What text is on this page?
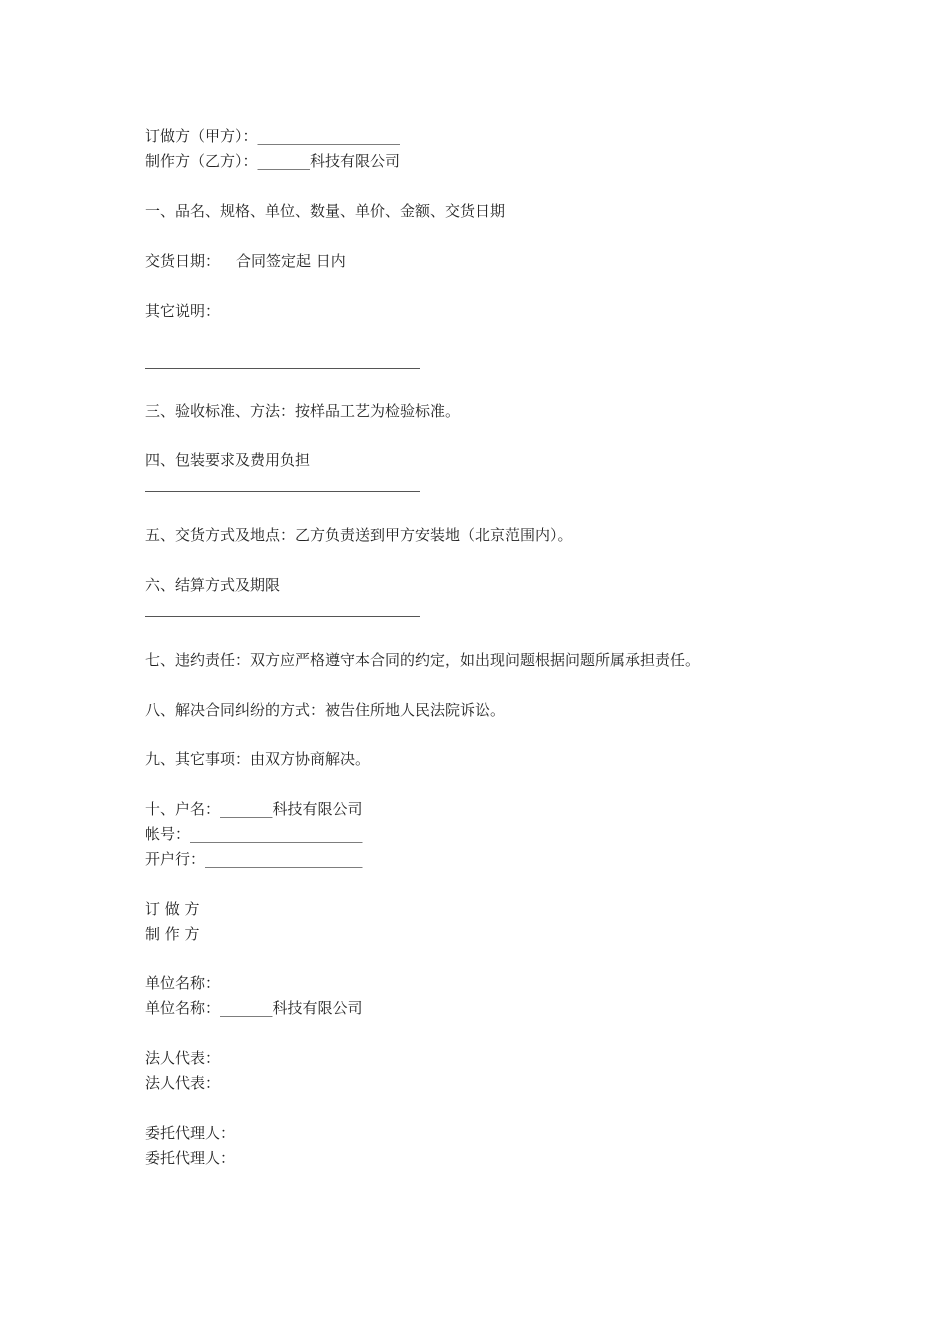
订做方（甲方）：___________________
制作方（乙方）：_______科技有限公司
一、品名、规格、单位、数量、单价、金额、交货日期
交货日期： 合同签定起 日内
其它说明：
三、验收标准、方法：按样品工艺为检验标准。
四、包装要求及费用负担
五、交货方式及地点：乙方负责送到甲方安装地（北京范围内）。
六、结算方式及期限
七、违约责任：双方应严格遵守本合同的约定，如出现问题根据问题所属承担责任。
八、解决合同纠纷的方式：被告住所地人民法院诉讼。
九、其它事项：由双方协商解决。
十、户名：_______科技有限公司
帐号：_______________________
开户行：_____________________
订 做 方
制 作 方
单位名称：
单位名称：_______科技有限公司
法人代表：
法人代表：
委托代理人：
委托代理人：
